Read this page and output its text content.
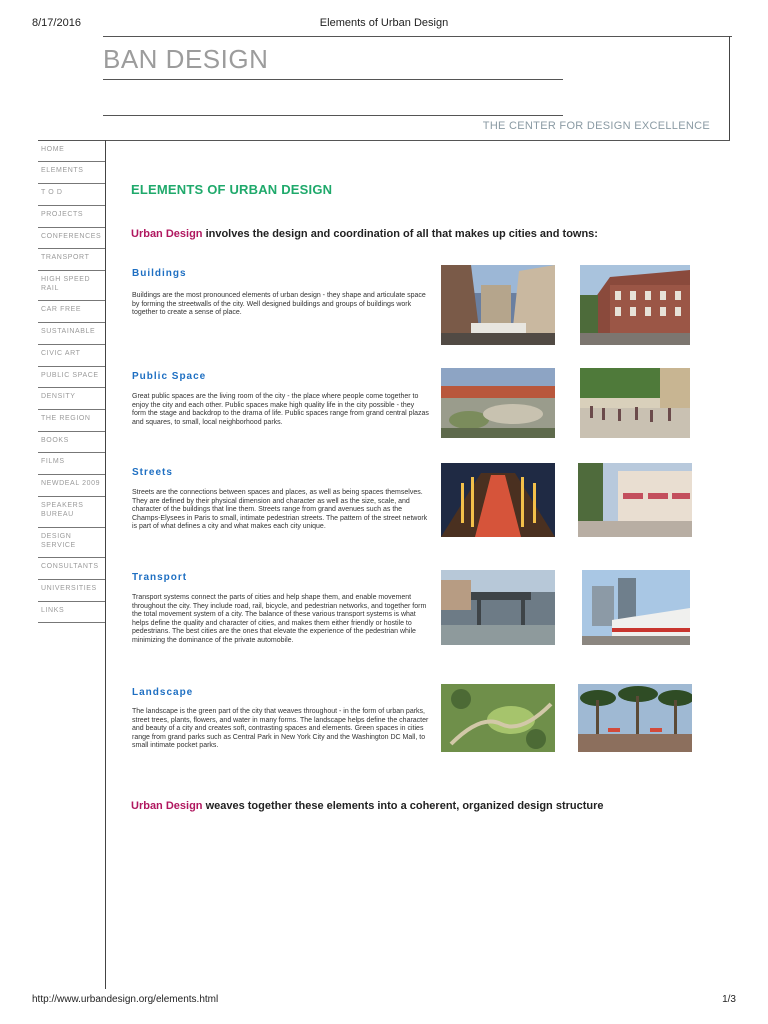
8/17/2016	Elements of Urban Design
http://www.urbandesign.org/elements.html	1/3
BAN DESIGN
THE CENTER FOR DESIGN EXCELLENCE
HOME
ELEMENTS
T O D
PROJECTS
CONFERENCES
TRANSPORT
HIGH SPEED RAIL
CAR FREE
SUSTAINABLE
CIVIC ART
PUBLIC SPACE
DENSITY
THE REGION
BOOKS
FILMS
NEWDEAL 2009
SPEAKERS BUREAU
DESIGN SERVICE
CONSULTANTS
UNIVERSITIES
LINKS
ELEMENTS OF URBAN DESIGN
Urban Design involves the design and coordination of all that makes up cities and towns:
Buildings
Buildings are the most pronounced elements of urban design - they shape and articulate space by forming the streetwalls of the city. Well designed buildings and groups of buildings work together to create a sense of place.
Public Space
Great public spaces are the living room of the city - the place where people come together to enjoy the city and each other. Public spaces make high quality life in the city possible - they form the stage and backdrop to the drama of life. Public spaces range from grand central plazas and squares, to small, local neighborhood parks.
Streets
Streets are the connections between spaces and places, as well as being spaces themselves. They are defined by their physical dimension and character as well as the size, scale, and character of the buildings that line them. Streets range from grand avenues such as the Champs-Elysees in Paris to small, intimate pedestrian streets. The pattern of the street network is part of what defines a city and what makes each city unique.
Transport
Transport systems connect the parts of cities and help shape them, and enable movement throughout the city. They include road, rail, bicycle, and pedestrian networks, and together form the total movement system of a city. The balance of these various transport systems is what helps define the quality and character of cities, and makes them either friendly or hostile to pedestrians. The best cities are the ones that elevate the experience of the pedestrian while minimizing the dominance of the private automobile.
Landscape
The landscape is the green part of the city that weaves throughout - in the form of urban parks, street trees, plants, flowers, and water in many forms. The landscape helps define the character and beauty of a city and creates soft, contrasting spaces and elements. Green spaces in cities range from grand parks such as Central Park in New York City and the Washington DC Mall, to small intimate pocket parks.
Urban Design weaves together these elements into a coherent, organized design structure
